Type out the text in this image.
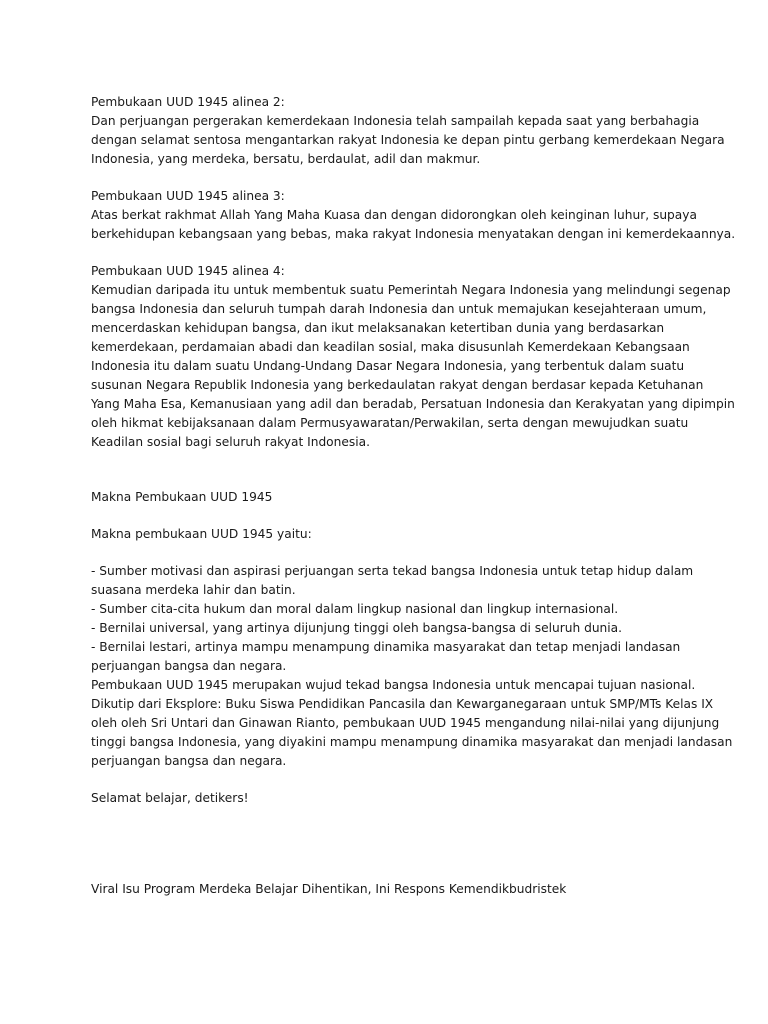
Pembukaan UUD 1945 alinea 2:
Dan perjuangan pergerakan kemerdekaan Indonesia telah sampailah kepada saat yang berbahagia
dengan selamat sentosa mengantarkan rakyat Indonesia ke depan pintu gerbang kemerdekaan Negara
Indonesia, yang merdeka, bersatu, berdaulat, adil dan makmur.
Pembukaan UUD 1945 alinea 3:
Atas berkat rakhmat Allah Yang Maha Kuasa dan dengan didorongkan oleh keinginan luhur, supaya
berkehidupan kebangsaan yang bebas, maka rakyat Indonesia menyatakan dengan ini kemerdekaannya.
Pembukaan UUD 1945 alinea 4:
Kemudian daripada itu untuk membentuk suatu Pemerintah Negara Indonesia yang melindungi segenap
bangsa Indonesia dan seluruh tumpah darah Indonesia dan untuk memajukan kesejahteraan umum,
mencerdaskan kehidupan bangsa, dan ikut melaksanakan ketertiban dunia yang berdasarkan
kemerdekaan, perdamaian abadi dan keadilan sosial, maka disusunlah Kemerdekaan Kebangsaan
Indonesia itu dalam suatu Undang-Undang Dasar Negara Indonesia, yang terbentuk dalam suatu
susunan Negara Republik Indonesia yang berkedaulatan rakyat dengan berdasar kepada Ketuhanan
Yang Maha Esa, Kemanusiaan yang adil dan beradab, Persatuan Indonesia dan Kerakyatan yang dipimpin
oleh hikmat kebijaksanaan dalam Permusyawaratan/Perwakilan, serta dengan mewujudkan suatu
Keadilan sosial bagi seluruh rakyat Indonesia.
Makna Pembukaan UUD 1945
Makna pembukaan UUD 1945 yaitu:
- Sumber motivasi dan aspirasi perjuangan serta tekad bangsa Indonesia untuk tetap hidup dalam
suasana merdeka lahir dan batin.
- Sumber cita-cita hukum dan moral dalam lingkup nasional dan lingkup internasional.
- Bernilai universal, yang artinya dijunjung tinggi oleh bangsa-bangsa di seluruh dunia.
- Bernilai lestari, artinya mampu menampung dinamika masyarakat dan tetap menjadi landasan
perjuangan bangsa dan negara.
Pembukaan UUD 1945 merupakan wujud tekad bangsa Indonesia untuk mencapai tujuan nasional.
Dikutip dari Eksplore: Buku Siswa Pendidikan Pancasila dan Kewarganegaraan untuk SMP/MTs Kelas IX
oleh oleh Sri Untari dan Ginawan Rianto, pembukaan UUD 1945 mengandung nilai-nilai yang dijunjung
tinggi bangsa Indonesia, yang diyakini mampu menampung dinamika masyarakat dan menjadi landasan
perjuangan bangsa dan negara.
Selamat belajar, detikers!
Viral Isu Program Merdeka Belajar Dihentikan, Ini Respons Kemendikbudristek
